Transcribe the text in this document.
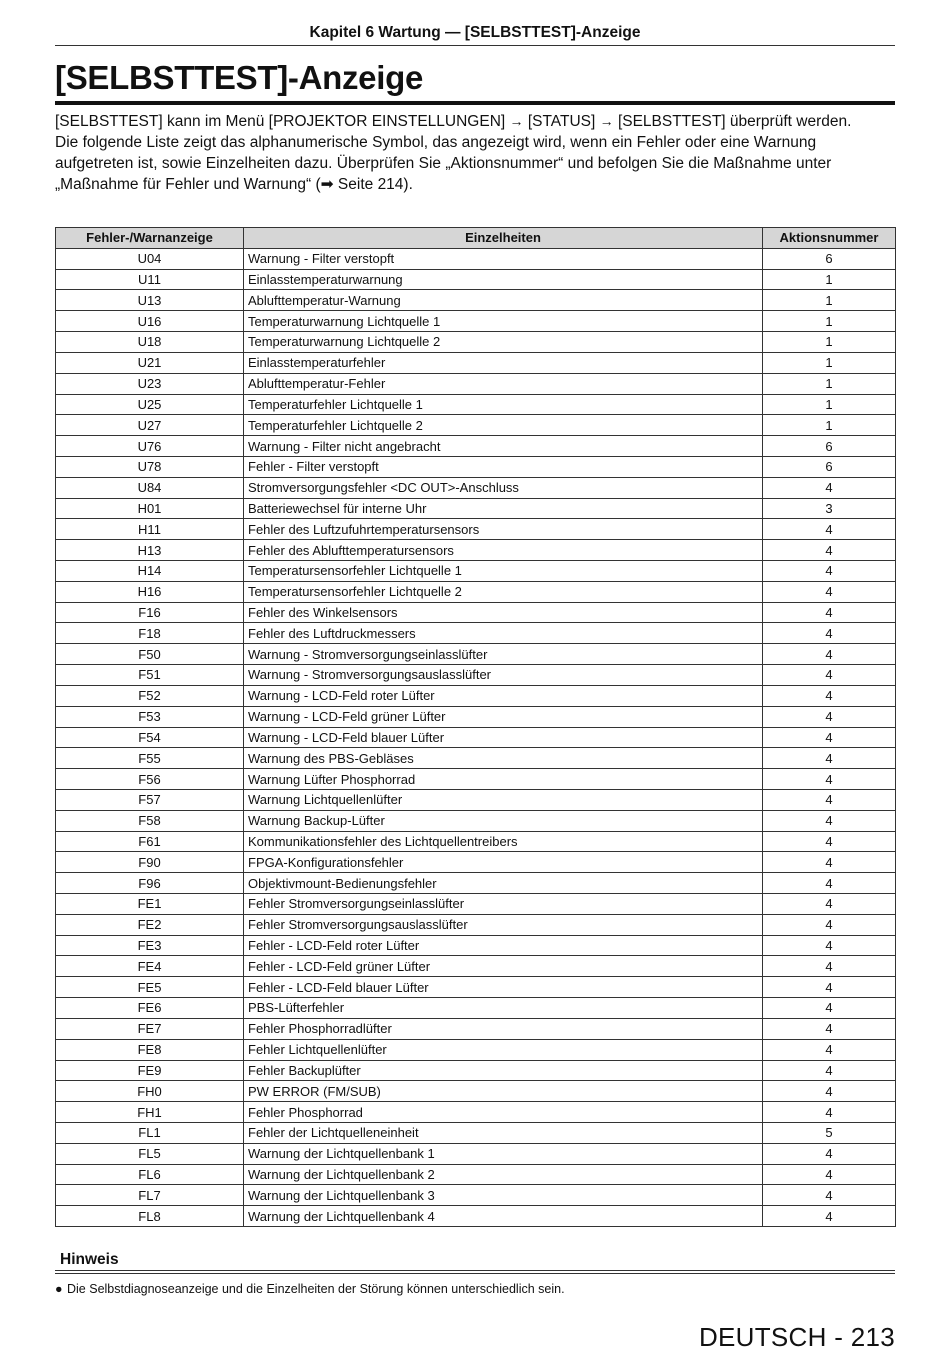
Kapitel 6 Wartung — [SELBSTTEST]-Anzeige
[SELBSTTEST]-Anzeige

[SELBSTTEST] kann im Menü [PROJEKTOR EINSTELLUNGEN] → [STATUS] → [SELBSTTEST] überprüft werden.

Die folgende Liste zeigt das alphanumerische Symbol, das angezeigt wird, wenn ein Fehler oder eine Warnung aufgetreten ist, sowie Einzelheiten dazu. Überprüfen Sie „Aktionsnummer“ und befolgen Sie die Maßnahme unter „Maßnahme für Fehler und Warnung“ (➡ Seite 214).

Fehler-/Warnanzeige	Einzelheiten	Aktionsnummer
U04	Warnung - Filter verstopft	6
U11	Einlasstemperaturwarnung	1
U13	Ablufttemperatur-Warnung	1
U16	Temperaturwarnung Lichtquelle 1	1
U18	Temperaturwarnung Lichtquelle 2	1
U21	Einlasstemperaturfehler	1
U23	Ablufttemperatur-Fehler	1
U25	Temperaturfehler Lichtquelle 1	1
U27	Temperaturfehler Lichtquelle 2	1
U76	Warnung - Filter nicht angebracht	6
U78	Fehler - Filter verstopft	6
U84	Stromversorgungsfehler <DC OUT>-Anschluss	4
H01	Batteriewechsel für interne Uhr	3
H11	Fehler des Luftzufuhrtemperatursensors	4
H13	Fehler des Ablufttemperatursensors	4
H14	Temperatursensorfehler Lichtquelle 1	4
H16	Temperatursensorfehler Lichtquelle 2	4
F16	Fehler des Winkelsensors	4
F18	Fehler des Luftdruckmessers	4
F50	Warnung - Stromversorgungseinlasslüfter	4
F51	Warnung - Stromversorgungsauslasslüfter	4
F52	Warnung - LCD-Feld roter Lüfter	4
F53	Warnung - LCD-Feld grüner Lüfter	4
F54	Warnung - LCD-Feld blauer Lüfter	4
F55	Warnung des PBS-Gebläses	4
F56	Warnung Lüfter Phosphorrad	4
F57	Warnung Lichtquellenlüfter	4
F58	Warnung Backup-Lüfter	4
F61	Kommunikationsfehler des Lichtquellentreibers	4
F90	FPGA-Konfigurationsfehler	4
F96	Objektivmount-Bedienungsfehler	4
FE1	Fehler Stromversorgungseinlasslüfter	4
FE2	Fehler Stromversorgungsauslasslüfter	4
FE3	Fehler - LCD-Feld roter Lüfter	4
FE4	Fehler - LCD-Feld grüner Lüfter	4
FE5	Fehler - LCD-Feld blauer Lüfter	4
FE6	PBS-Lüfterfehler	4
FE7	Fehler Phosphorradlüfter	4
FE8	Fehler Lichtquellenlüfter	4
FE9	Fehler Backuplüfter	4
FH0	PW ERROR (FM/SUB)	4
FH1	Fehler Phosphorrad	4
FL1	Fehler der Lichtquelleneinheit	5
FL5	Warnung der Lichtquellenbank 1	4
FL6	Warnung der Lichtquellenbank 2	4
FL7	Warnung der Lichtquellenbank 3	4
FL8	Warnung der Lichtquellenbank 4	4
Hinweis
● Die Selbstdiagnoseanzeige und die Einzelheiten der Störung können unterschiedlich sein.
DEUTSCH - 213
